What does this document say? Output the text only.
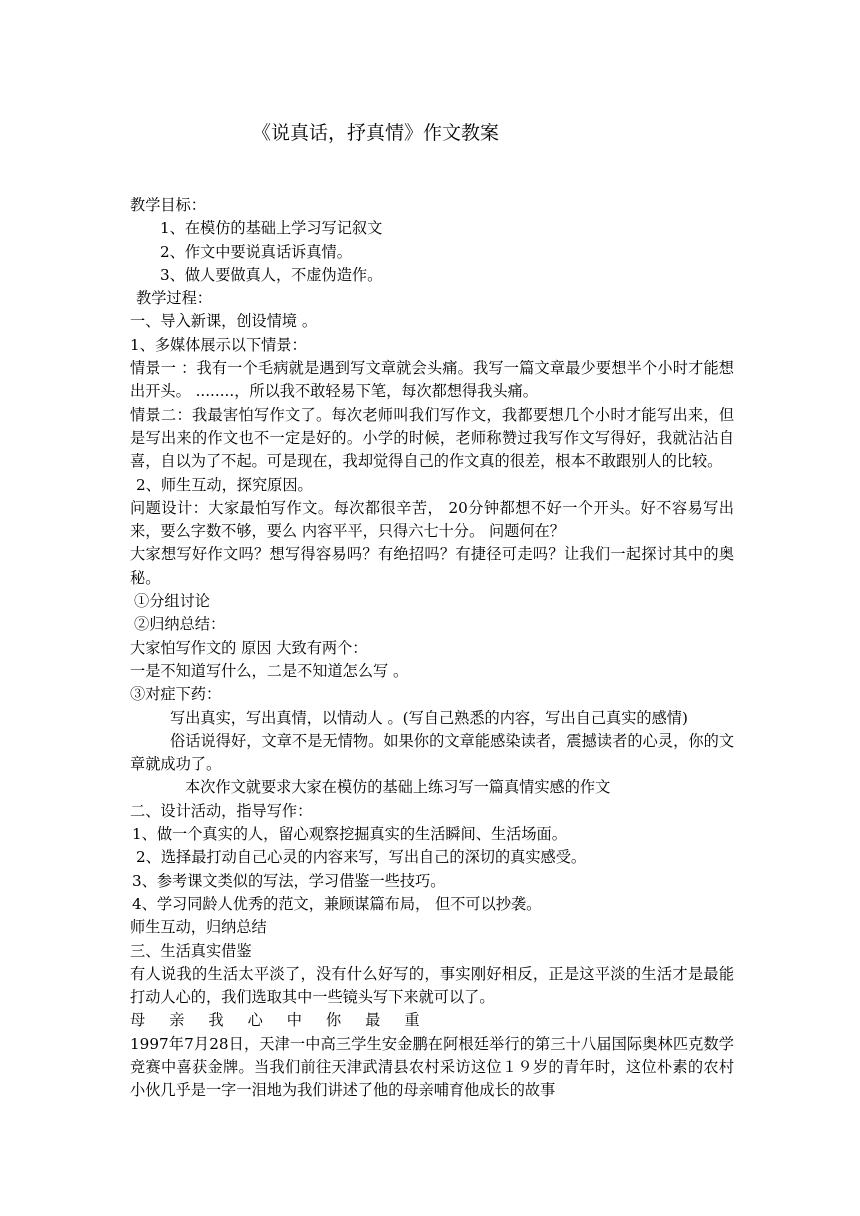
《说真话，抒真情》作文教案

教学目标：

1、在模仿的基础上学习写记叙文

2、作文中要说真话诉真情。

3、做人要做真人，不虚伪造作。

教学过程：

一、导入新课，创设情境 。

1、多媒体展示以下情景：

情景一 ：我有一个毛病就是遇到写文章就会头痛。我写一篇文章最少要想半个小时才能想出开头。 ........，所以我不敢轻易下笔，每次都想得我头痛。

情景二：我最害怕写作文了。每次老师叫我们写作文，我都要想几个小时才能写出来，但是写出来的作文也不一定是好的。小学的时候，老师称赞过我写作文写得好，我就沾沾自喜，自以为了不起。可是现在，我却觉得自己的作文真的很差，根本不敢跟别人的比较。

2、师生互动，探究原因。

问题设计：大家最怕写作文。每次都很辛苦， 20分钟都想不好一个开头。好不容易写出来，要么字数不够，要么 内容平平，只得六七十分。 问题何在？

大家想写好作文吗？想写得容易吗？有绝招吗？有捷径可走吗？让我们一起探讨其中的奥秘。

①分组讨论

②归纳总结：

大家怕写作文的 原因 大致有两个：

一是不知道写什么，二是不知道怎么写 。

③对症下药：

写出真实，写出真情，以情动人 。(写自己熟悉的内容，写出自己真实的感情)

俗话说得好，文章不是无情物。如果你的文章能感染读者，震撼读者的心灵，你的文章就成功了。

本次作文就要求大家在模仿的基础上练习写一篇真情实感的作文

二、设计活动，指导写作：

1、做一个真实的人，留心观察挖掘真实的生活瞬间、生活场面。

2、选择最打动自己心灵的内容来写，写出自己的深切的真实感受。

3、参考课文类似的写法，学习借鉴一些技巧。

4、学习同龄人优秀的范文，兼顾谋篇布局， 但不可以抄袭。

师生互动，归纳总结

三、生活真实借鉴

有人说我的生活太平淡了，没有什么好写的，事实刚好相反，正是这平淡的生活才是最能打动人心的，我们选取其中一些镜头写下来就可以了。

母亲我心中你最重

1997年7月28日，天津一中高三学生安金鹏在阿根廷举行的第三十八届国际奥林匹克数学竞赛中喜获金牌。当我们前往天津武清县农村采访这位１９岁的青年时，这位朴素的农村小伙几乎是一字一泪地为我们讲述了他的母亲哺育他成长的故事
